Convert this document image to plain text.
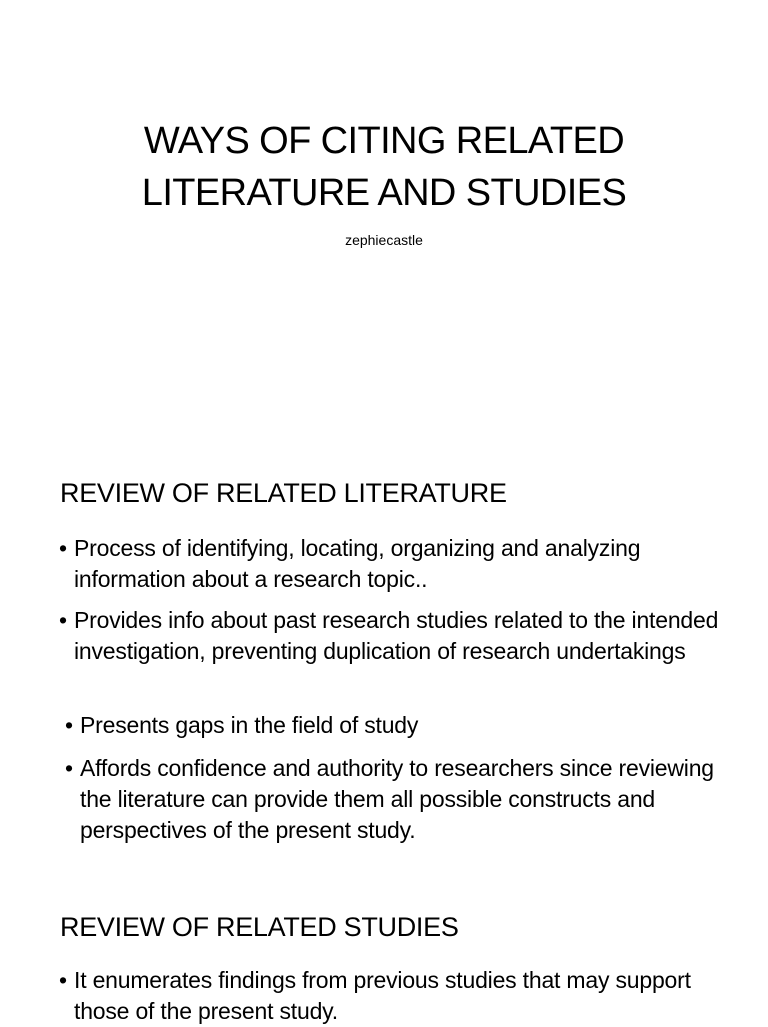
WAYS OF CITING RELATED
LITERATURE AND STUDIES
zephiecastle
REVIEW OF RELATED LITERATURE
• Process of identifying, locating, organizing and analyzing information about a research topic..
• Provides info about past research studies related to the intended investigation, preventing duplication of research undertakings
• Presents gaps in the field of study
• Affords confidence and authority to researchers since reviewing the literature can provide them all possible constructs and perspectives of the present study.
REVIEW OF RELATED STUDIES
• It enumerates findings from previous studies that may support those of the present study.
